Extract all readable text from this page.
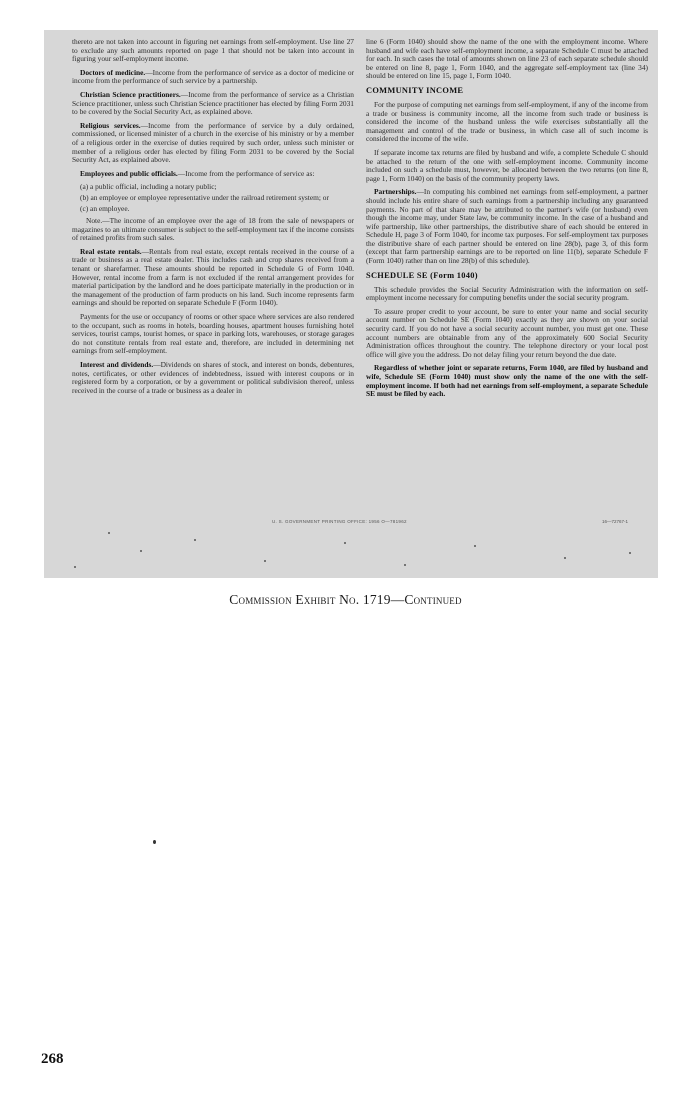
thereto are not taken into account in figuring net earnings from self-employment. Use line 27 to exclude any such amounts reported on page 1 that should not be taken into account in figuring your self-employment income.

Doctors of medicine.—Income from the performance of service as a doctor of medicine or income from the performance of such service by a partnership.

Christian Science practitioners.—Income from the performance of service as a Christian Science practitioner, unless such Christian Science practitioner has elected by filing Form 2031 to be covered by the Social Security Act, as explained above.

Religious services.—Income from the performance of service by a duly ordained, commissioned, or licensed minister of a church in the exercise of his ministry or by a member of a religious order in the exercise of duties required by such order, unless such minister or member of a religious order has elected by filing Form 2031 to be covered by the Social Security Act, as explained above.

Employees and public officials.—Income from the performance of service as:

(a) a public official, including a notary public;
(b) an employee or employee representative under the railroad retirement system; or
(c) an employee.

Note.—The income of an employee over the age of 18 from the sale of newspapers or magazines to an ultimate consumer is subject to the self-employment tax if the income consists of retained profits from such sales.

Real estate rentals.—Rentals from real estate, except rentals received in the course of a trade or business as a real estate dealer. This includes cash and crop shares received from a tenant or sharefarmer. These amounts should be reported in Schedule G of Form 1040. However, rental income from a farm is not excluded if the rental arrangement provides for material participation by the landlord and he does participate materially in the production or in the management of the production of farm products on his land. Such income represents farm earnings and should be reported on separate Schedule F (Form 1040).

Payments for the use or occupancy of rooms or other space where services are also rendered to the occupant, such as rooms in hotels, boarding houses, apartment houses furnishing hotel services, tourist camps, tourist homes, or space in parking lots, warehouses, or storage garages do not constitute rentals from real estate and, therefore, are included in determining net earnings from self-employment.

Interest and dividends.—Dividends on shares of stock, and interest on bonds, debentures, notes, certificates, or other evidences of indebtedness, issued with interest coupons or in registered form by a corporation, or by a government or political subdivision thereof, unless received in the course of a trade or business as a dealer in

line 6 (Form 1040) should show the name of the one with the employment income. Where husband and wife each have self-employment income, a separate Schedule C must be attached for each. In such cases the total of amounts shown on line 23 of each separate schedule should be entered on line 8, page 1, Form 1040, and the aggregate self-employment tax (line 34) should be entered on line 15, page 1, Form 1040.

COMMUNITY INCOME

For the purpose of computing net earnings from self-employment, if any of the income from a trade or business is community income, all the income from such trade or business is considered the income of the husband unless the wife exercises substantially all the management and control of the trade or business, in which case all of such income is considered the income of the wife.

If separate income tax returns are filed by husband and wife, a complete Schedule C should be attached to the return of the one with self-employment income. Community income included on such a schedule must, however, be allocated between the two returns (on line 8, page 1, Form 1040) on the basis of the community property laws.

Partnerships.—In computing his combined net earnings from self-employment, a partner should include his entire share of such earnings from a partnership including any guaranteed payments. No part of that share may be attributed to the partner's wife (or husband) even though the income may, under State law, be community income. In the case of a husband and wife partnership, like other partnerships, the distributive share of each should be entered in Schedule H, page 3 of Form 1040, for income tax purposes. For self-employment tax purposes the distributive share of each partner should be entered on line 28(b), page 3, of this form (except that farm partnership earnings are to be reported on line 11(b), separate Schedule F (Form 1040) rather than on line 28(b) of this schedule).

SCHEDULE SE (Form 1040)

This schedule provides the Social Security Administration with the information on self-employment income necessary for computing benefits under the social security program.

To assure proper credit to your account, be sure to enter your name and social security account number on Schedule SE (Form 1040) exactly as they are shown on your social security card. If you do not have a social security account number, you must get one. These account numbers are obtainable from any of the approximately 600 Social Security Administration offices throughout the country. The telephone directory or your local post office will give you the address. Do not delay filing your return beyond the due date.

Regardless of whether joint or separate returns, Form 1040, are filed by husband and wife, Schedule SE (Form 1040) must show only the name of the one with the self-employment income. If both had net earnings from self-employment, a separate Schedule SE must be filed by each.

U. S. GOVERNMENT PRINTING OFFICE: 1956 O—781962	16—72767-1
Commission Exhibit No. 1719—Continued
268
